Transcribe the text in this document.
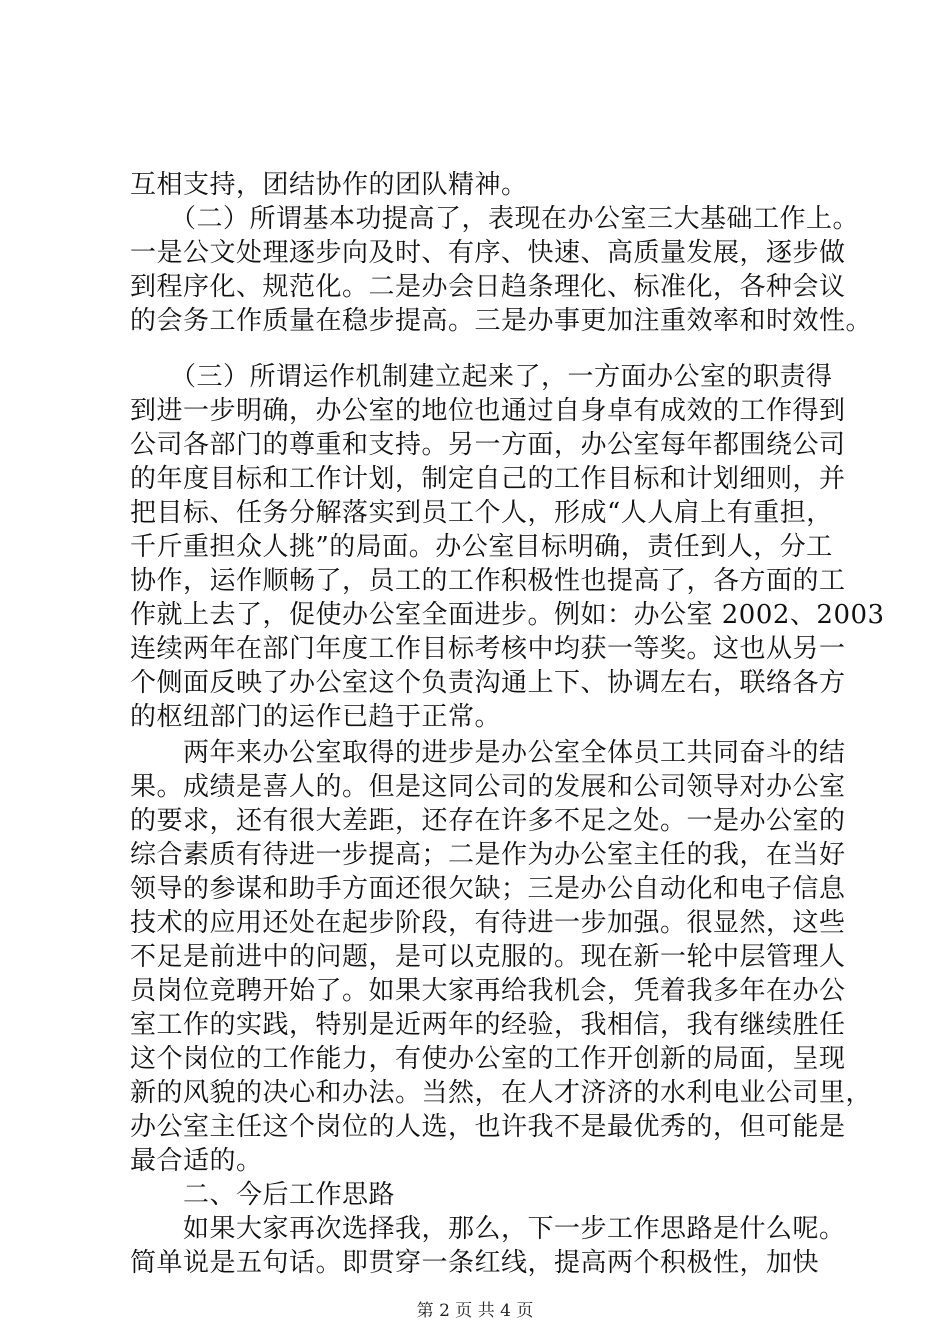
互相支持，团结协作的团队精神。
　　（二）所谓基本功提高了，表现在办公室三大基础工作上。
一是公文处理逐步向及时、有序、快速、高质量发展，逐步做
到程序化、规范化。二是办会日趋条理化、标准化，各种会议
的会务工作质量在稳步提高。三是办事更加注重效率和时效性。
　　（三）所谓运作机制建立起来了，一方面办公室的职责得
到进一步明确，办公室的地位也通过自身卓有成效的工作得到
公司各部门的尊重和支持。另一方面，办公室每年都围绕公司
的年度目标和工作计划，制定自己的工作目标和计划细则，并
把目标、任务分解落实到员工个人，形成“人人肩上有重担，
千斤重担众人挑”的局面。办公室目标明确，责任到人，分工
协作，运作顺畅了，员工的工作积极性也提高了，各方面的工
作就上去了，促使办公室全面进步。例如：办公室 2002、2003
连续两年在部门年度工作目标考核中均获一等奖。这也从另一
个侧面反映了办公室这个负责沟通上下、协调左右，联络各方
的枢纽部门的运作已趋于正常。
　　两年来办公室取得的进步是办公室全体员工共同奋斗的结
果。成绩是喜人的。但是这同公司的发展和公司领导对办公室
的要求，还有很大差距，还存在许多不足之处。一是办公室的
综合素质有待进一步提高；二是作为办公室主任的我，在当好
领导的参谋和助手方面还很欠缺；三是办公自动化和电子信息
技术的应用还处在起步阶段，有待进一步加强。很显然，这些
不足是前进中的问题，是可以克服的。现在新一轮中层管理人
员岗位竞聘开始了。如果大家再给我机会，凭着我多年在办公
室工作的实践，特别是近两年的经验，我相信，我有继续胜任
这个岗位的工作能力，有使办公室的工作开创新的局面，呈现
新的风貌的决心和办法。当然，在人才济济的水利电业公司里，
办公室主任这个岗位的人选，也许我不是最优秀的，但可能是
最合适的。
　　二、今后工作思路
　　如果大家再次选择我，那么，下一步工作思路是什么呢。
简单说是五句话。即贯穿一条红线，提高两个积极性，加快
第 2 页 共 4 页
